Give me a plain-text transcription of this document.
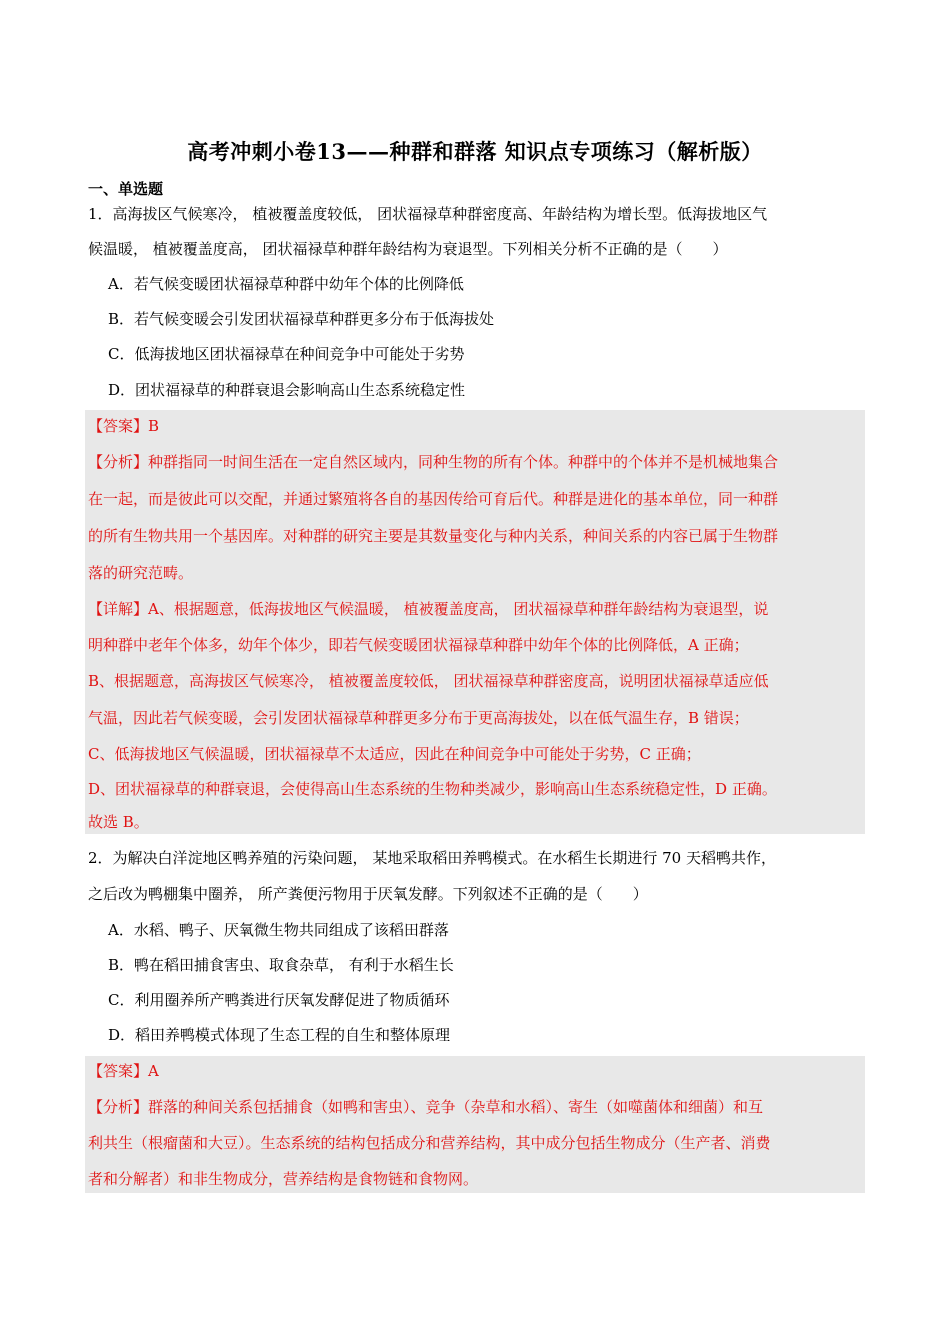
高考冲刺小卷13——种群和群落 知识点专项练习（解析版）
一、单选题
1．高海拔区气候寒冷， 植被覆盖度较低， 团状福禄草种群密度高、年龄结构为增长型。低海拔地区气
候温暖， 植被覆盖度高， 团状福禄草种群年龄结构为衰退型。下列相关分析不正确的是（　　）
A．若气候变暖团状福禄草种群中幼年个体的比例降低
B．若气候变暖会引发团状福禄草种群更多分布于低海拔处
C．低海拔地区团状福禄草在种间竞争中可能处于劣势
D．团状福禄草的种群衰退会影响高山生态系统稳定性
【答案】B
【分析】种群指同一时间生活在一定自然区域内，同种生物的所有个体。种群中的个体并不是机械地集合
在一起，而是彼此可以交配，并通过繁殖将各自的基因传给可育后代。种群是进化的基本单位，同一种群
的所有生物共用一个基因库。对种群的研究主要是其数量变化与种内关系，种间关系的内容已属于生物群
落的研究范畴。
【详解】A、根据题意，低海拔地区气候温暖， 植被覆盖度高， 团状福禄草种群年龄结构为衰退型，说
明种群中老年个体多，幼年个体少，即若气候变暖团状福禄草种群中幼年个体的比例降低，A 正确；
B、根据题意，高海拔区气候寒冷， 植被覆盖度较低， 团状福禄草种群密度高，说明团状福禄草适应低
气温，因此若气候变暖，会引发团状福禄草种群更多分布于更高海拔处，以在低气温生存，B 错误；
C、低海拔地区气候温暖，团状福禄草不太适应，因此在种间竞争中可能处于劣势，C 正确；
D、团状福禄草的种群衰退，会使得高山生态系统的生物种类减少，影响高山生态系统稳定性，D 正确。
故选 B。
2．为解决白洋淀地区鸭养殖的污染问题， 某地采取稻田养鸭模式。在水稻生长期进行 70 天稻鸭共作，
之后改为鸭棚集中圈养， 所产粪便污物用于厌氧发酵。下列叙述不正确的是（　　）
A．水稻、鸭子、厌氧微生物共同组成了该稻田群落
B．鸭在稻田捕食害虫、取食杂草， 有利于水稻生长
C．利用圈养所产鸭粪进行厌氧发酵促进了物质循环
D．稻田养鸭模式体现了生态工程的自生和整体原理
【答案】A
【分析】群落的种间关系包括捕食（如鸭和害虫）、竞争（杂草和水稻）、寄生（如噬菌体和细菌）和互
利共生（根瘤菌和大豆）。生态系统的结构包括成分和营养结构，其中成分包括生物成分（生产者、消费
者和分解者）和非生物成分，营养结构是食物链和食物网。
